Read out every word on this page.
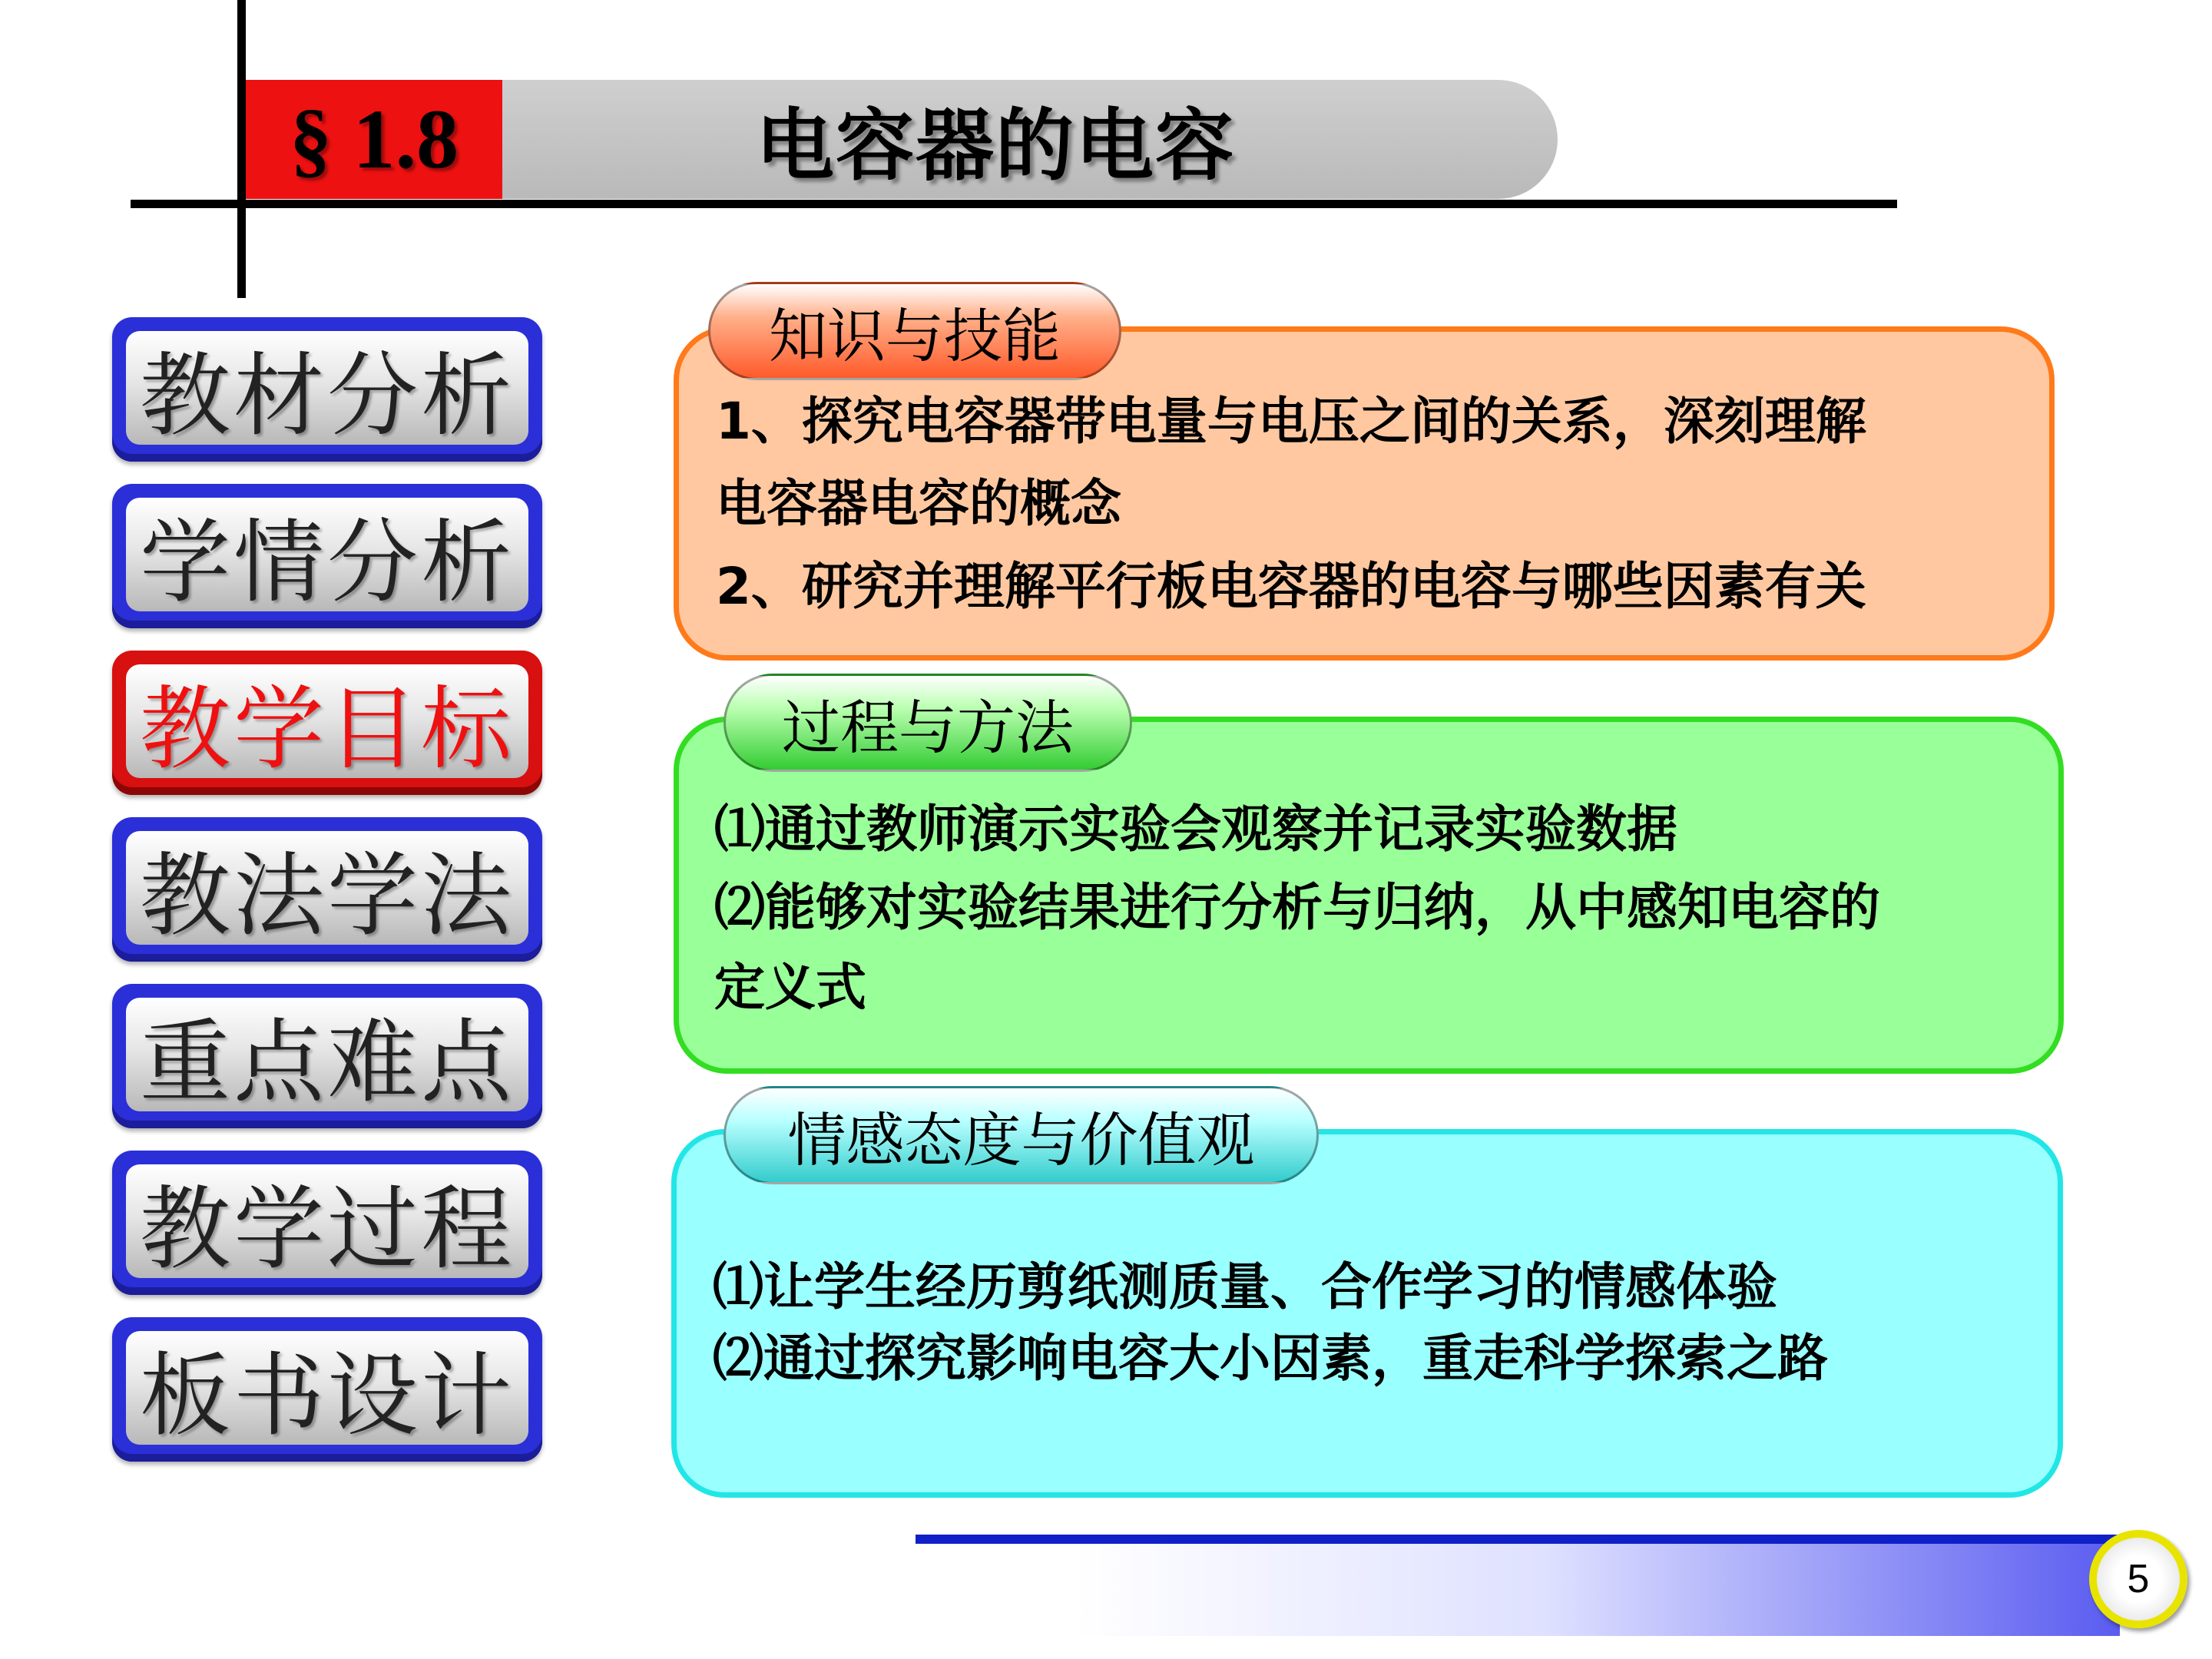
§ 1.8	电容器的电容
教材分析
学情分析
教学目标
教法学法
重点难点
教学过程
板书设计
知识与技能
1、探究电容器带电量与电压之间的关系，深刻理解
电容器电容的概念
2、研究并理解平行板电容器的电容与哪些因素有关
过程与方法
⑴通过教师演示实验会观察并记录实验数据
⑵能够对实验结果进行分析与归纳，从中感知电容的
定义式
情感态度与价值观
⑴让学生经历剪纸测质量、合作学习的情感体验
⑵通过探究影响电容大小因素，重走科学探索之路
5
